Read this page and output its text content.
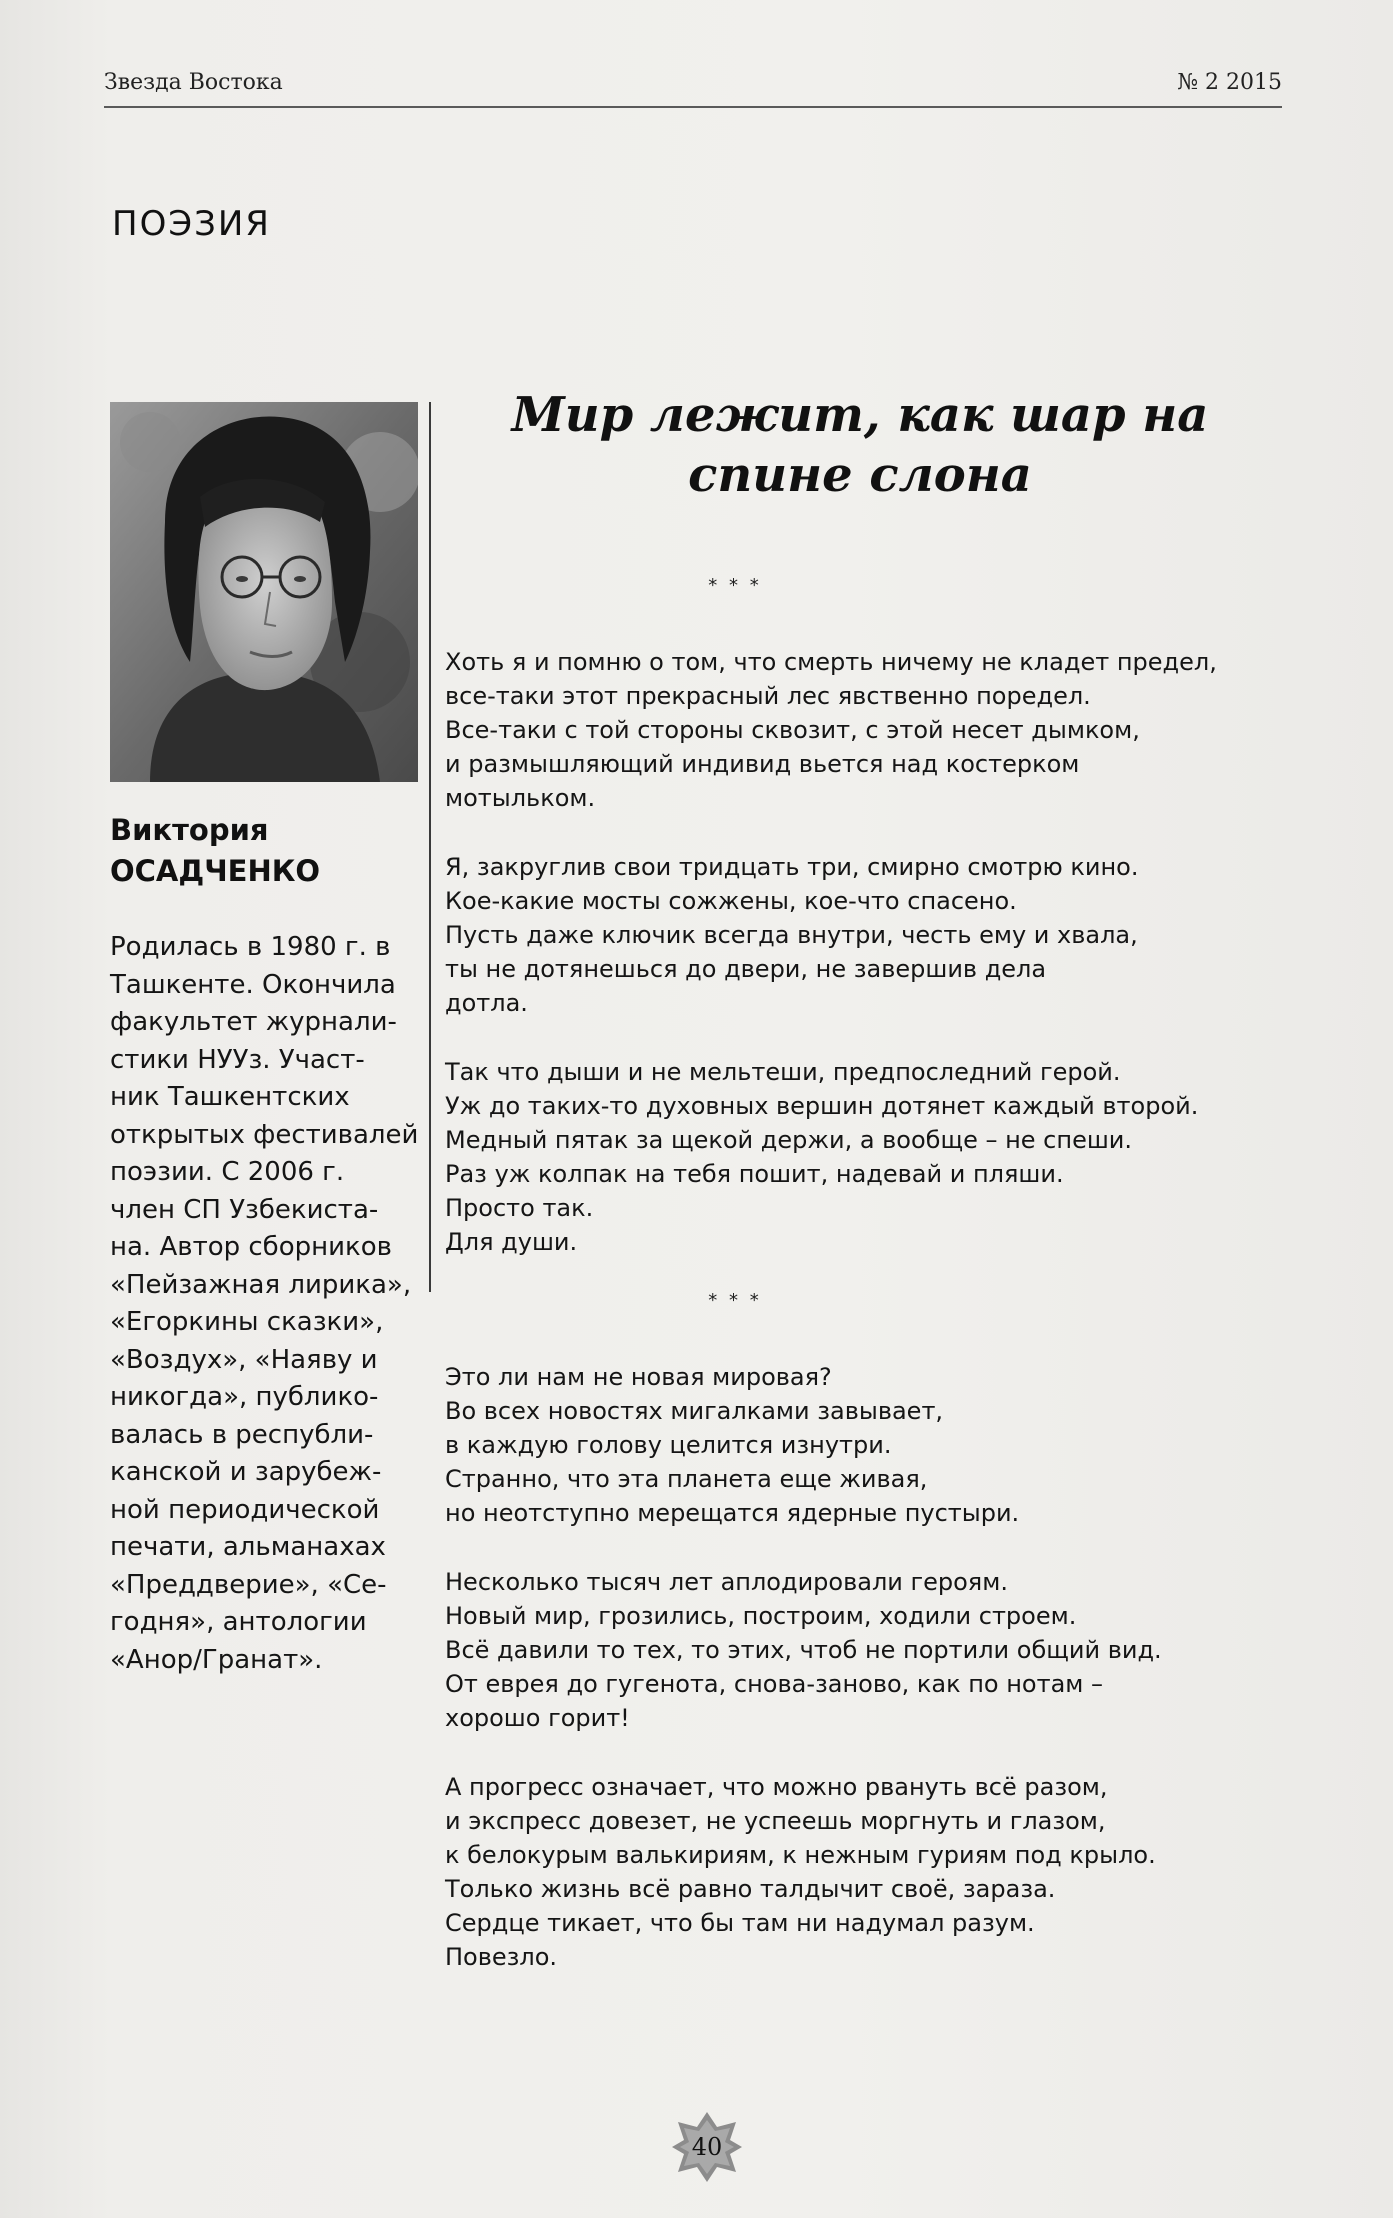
Звезда Востока	№ 2 2015
ПОЭЗИЯ
Виктория
ОСАДЧЕНКО
Родилась в 1980 г. в
Ташкенте. Окончила
факультет журнали-
стики НУУз. Участ-
ник Ташкентских
открытых фестивалей
поэзии. С 2006 г.
член СП Узбекиста-
на. Автор сборников
«Пейзажная лирика»,
«Егоркины сказки»,
«Воздух», «Наяву и
никогда», публико-
валась в республи-
канской и зарубеж-
ной периодической
печати, альманахах
«Преддверие», «Се-
годня», антологии
«Анор/Гранат».
Мир лежит, как шар на
спине слона
* * *
Хоть я и помню о том, что смерть ничему не кладет предел,
все-таки этот прекрасный лес явственно поредел.
Все-таки с той стороны сквозит, с этой несет дымком,
и размышляющий индивид вьется над костерком
мотыльком.
Я, закруглив свои тридцать три, смирно смотрю кино.
Кое-какие мосты сожжены, кое-что спасено.
Пусть даже ключик всегда внутри, честь ему и хвала,
ты не дотянешься до двери, не завершив дела
дотла.
Так что дыши и не мельтеши, предпоследний герой.
Уж до таких-то духовных вершин дотянет каждый второй.
Медный пятак за щекой держи, а вообще – не спеши.
Раз уж колпак на тебя пошит, надевай и пляши.
Просто так.
Для души.
* * *
Это ли нам не новая мировая?
Во всех новостях мигалками завывает,
в каждую голову целится изнутри.
Странно, что эта планета еще живая,
но неотступно мерещатся ядерные пустыри.
Несколько тысяч лет аплодировали героям.
Новый мир, грозились, построим, ходили строем.
Всё давили то тех, то этих, чтоб не портили общий вид.
От еврея до гугенота, снова-заново, как по нотам –
хорошо горит!
А прогресс означает, что можно рвануть всё разом,
и экспресс довезет, не успеешь моргнуть и глазом,
к белокурым валькириям, к нежным гуриям под крыло.
Только жизнь всё равно талдычит своё, зараза.
Сердце тикает, что бы там ни надумал разум.
Повезло.
40
